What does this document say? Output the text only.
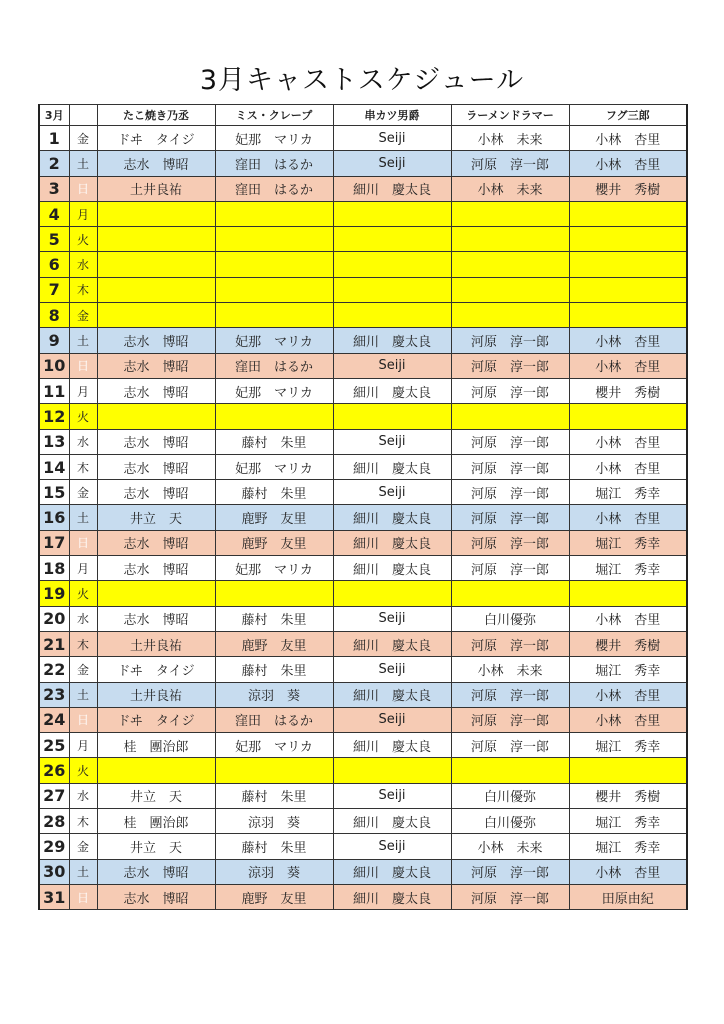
3月キャストスケジュール
3月		たこ焼き乃丞	ミス・クレープ	串カツ男爵	ラーメンドラマー	フグ三郎
1	金	ドヰ　タイジ	妃那　マリカ	Seiji	小林　未来	小林　杏里
2	土	志水　博昭	窪田　はるか	Seiji	河原　淳一郎	小林　杏里
3	日	土井良祐	窪田　はるか	細川　慶太良	小林　未来	櫻井　秀樹
4	月					
5	火					
6	水					
7	木					
8	金					
9	土	志水　博昭	妃那　マリカ	細川　慶太良	河原　淳一郎	小林　杏里
10	日	志水　博昭	窪田　はるか	Seiji	河原　淳一郎	小林　杏里
11	月	志水　博昭	妃那　マリカ	細川　慶太良	河原　淳一郎	櫻井　秀樹
12	火					
13	水	志水　博昭	藤村　朱里	Seiji	河原　淳一郎	小林　杏里
14	木	志水　博昭	妃那　マリカ	細川　慶太良	河原　淳一郎	小林　杏里
15	金	志水　博昭	藤村　朱里	Seiji	河原　淳一郎	堀江　秀幸
16	土	井立　天	鹿野　友里	細川　慶太良	河原　淳一郎	小林　杏里
17	日	志水　博昭	鹿野　友里	細川　慶太良	河原　淳一郎	堀江　秀幸
18	月	志水　博昭	妃那　マリカ	細川　慶太良	河原　淳一郎	堀江　秀幸
19	火					
20	水	志水　博昭	藤村　朱里	Seiji	白川優弥	小林　杏里
21	木	土井良祐	鹿野　友里	細川　慶太良	河原　淳一郎	櫻井　秀樹
22	金	ドヰ　タイジ	藤村　朱里	Seiji	小林　未来	堀江　秀幸
23	土	土井良祐	涼羽　葵	細川　慶太良	河原　淳一郎	小林　杏里
24	日	ドヰ　タイジ	窪田　はるか	Seiji	河原　淳一郎	小林　杏里
25	月	桂　團治郎	妃那　マリカ	細川　慶太良	河原　淳一郎	堀江　秀幸
26	火					
27	水	井立　天	藤村　朱里	Seiji	白川優弥	櫻井　秀樹
28	木	桂　團治郎	涼羽　葵	細川　慶太良	白川優弥	堀江　秀幸
29	金	井立　天	藤村　朱里	Seiji	小林　未来	堀江　秀幸
30	土	志水　博昭	涼羽　葵	細川　慶太良	河原　淳一郎	小林　杏里
31	日	志水　博昭	鹿野　友里	細川　慶太良	河原　淳一郎	田原由紀
